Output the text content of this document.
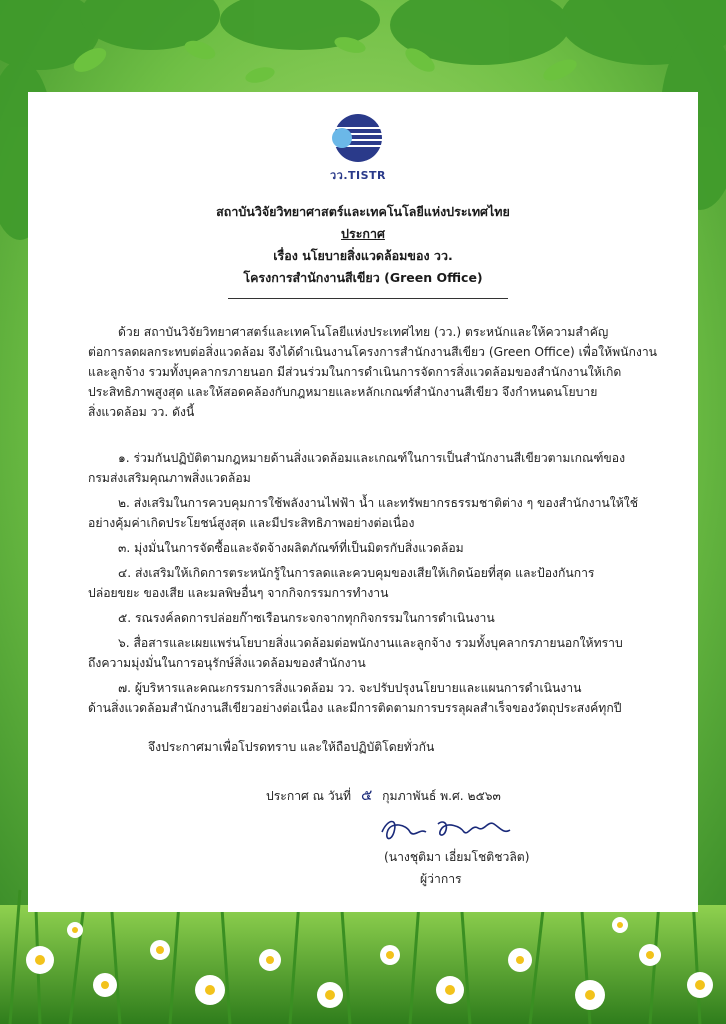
วว.TISTR
สถาบันวิจัยวิทยาศาสตร์และเทคโนโลยีแห่งประเทศไทย
ประกาศ
เรื่อง นโยบายสิ่งแวดล้อมของ วว.
โครงการสำนักงานสีเขียว (Green Office)
ด้วย สถาบันวิจัยวิทยาศาสตร์และเทคโนโลยีแห่งประเทศไทย (วว.) ตระหนักและให้ความสำคัญ
ต่อการลดผลกระทบต่อสิ่งแวดล้อม จึงได้ดำเนินงานโครงการสำนักงานสีเขียว (Green Office) เพื่อให้พนักงาน
และลูกจ้าง รวมทั้งบุคลากรภายนอก มีส่วนร่วมในการดำเนินการจัดการสิ่งแวดล้อมของสำนักงานให้เกิด
ประสิทธิภาพสูงสุด และให้สอดคล้องกับกฎหมายและหลักเกณฑ์สำนักงานสีเขียว จึงกำหนดนโยบาย
สิ่งแวดล้อม วว. ดังนี้
๑. ร่วมกันปฏิบัติตามกฎหมายด้านสิ่งแวดล้อมและเกณฑ์ในการเป็นสำนักงานสีเขียวตามเกณฑ์ของ
กรมส่งเสริมคุณภาพสิ่งแวดล้อม
๒. ส่งเสริมในการควบคุมการใช้พลังงานไฟฟ้า น้ำ และทรัพยากรธรรมชาติต่าง ๆ ของสำนักงานให้ใช้
อย่างคุ้มค่าเกิดประโยชน์สูงสุด และมีประสิทธิภาพอย่างต่อเนื่อง
๓. มุ่งมั่นในการจัดซื้อและจัดจ้างผลิตภัณฑ์ที่เป็นมิตรกับสิ่งแวดล้อม
๔. ส่งเสริมให้เกิดการตระหนักรู้ในการลดและควบคุมของเสียให้เกิดน้อยที่สุด และป้องกันการ
ปล่อยขยะ ของเสีย และมลพิษอื่นๆ จากกิจกรรมการทำงาน
๕. รณรงค์ลดการปล่อยก๊าซเรือนกระจกจากทุกกิจกรรมในการดำเนินงาน
๖. สื่อสารและเผยแพร่นโยบายสิ่งแวดล้อมต่อพนักงานและลูกจ้าง รวมทั้งบุคลากรภายนอกให้ทราบ
ถึงความมุ่งมั่นในการอนุรักษ์สิ่งแวดล้อมของสำนักงาน
๗. ผู้บริหารและคณะกรรมการสิ่งแวดล้อม วว. จะปรับปรุงนโยบายและแผนการดำเนินงาน
ด้านสิ่งแวดล้อมสำนักงานสีเขียวอย่างต่อเนื่อง และมีการติดตามการบรรลุผลสำเร็จของวัตถุประสงค์ทุกปี
จึงประกาศมาเพื่อโปรดทราบ และให้ถือปฏิบัติโดยทั่วกัน
ประกาศ ณ วันที่ ๕ กุมภาพันธ์ พ.ศ. ๒๕๖๓
(นางชุติมา เอี่ยมโชติชวลิต)
ผู้ว่าการ
